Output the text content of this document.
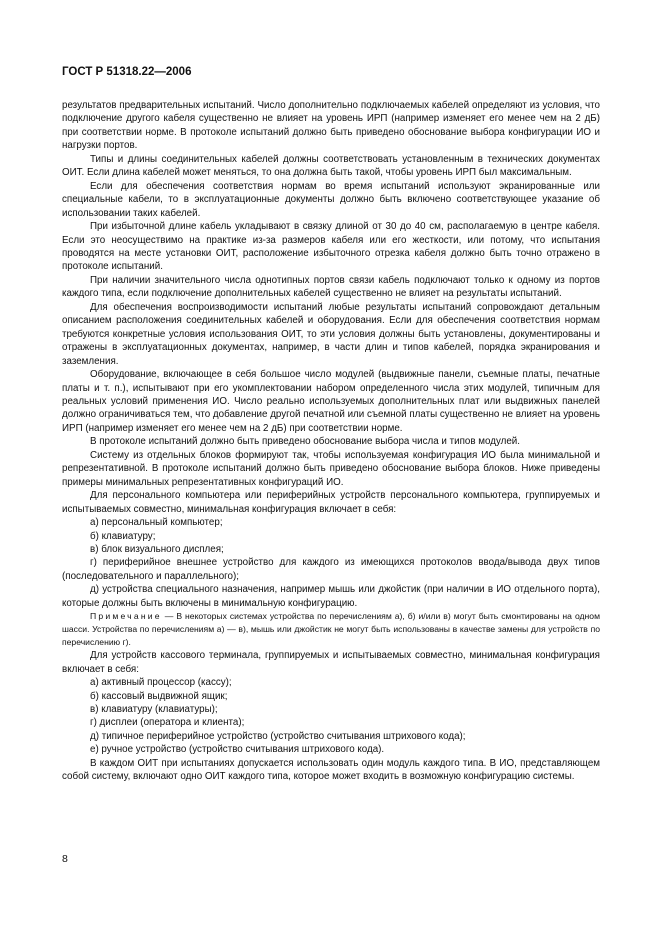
ГОСТ Р 51318.22—2006

результатов предварительных испытаний. Число дополнительно подключаемых кабелей определяют из условия, что подключение другого кабеля существенно не влияет на уровень ИРП (например изменяет его менее чем на 2 дБ) при соответствии норме. В протоколе испытаний должно быть приведено обоснование выбора конфигурации ИО и нагрузки портов.

Типы и длины соединительных кабелей должны соответствовать установленным в технических документах ОИТ. Если длина кабелей может меняться, то она должна быть такой, чтобы уровень ИРП был максимальным.

Если для обеспечения соответствия нормам во время испытаний используют экранированные или специальные кабели, то в эксплуатационные документы должно быть включено соответствующее указание об использовании таких кабелей.

При избыточной длине кабель укладывают в связку длиной от 30 до 40 см, располагаемую в центре кабеля. Если это неосуществимо на практике из-за размеров кабеля или его жесткости, или потому, что испытания проводятся на месте установки ОИТ, расположение избыточного отрезка кабеля должно быть точно отражено в протоколе испытаний.

При наличии значительного числа однотипных портов связи кабель подключают только к одному из портов каждого типа, если подключение дополнительных кабелей существенно не влияет на результаты испытаний.

Для обеспечения воспроизводимости испытаний любые результаты испытаний сопровождают детальным описанием расположения соединительных кабелей и оборудования. Если для обеспечения соответствия нормам требуются конкретные условия использования ОИТ, то эти условия должны быть установлены, документированы и отражены в эксплуатационных документах, например, в части длин и типов кабелей, порядка экранирования и заземления.

Оборудование, включающее в себя большое число модулей (выдвижные панели, съемные платы, печатные платы и т. п.), испытывают при его укомплектовании набором определенного числа этих модулей, типичным для реальных условий применения ИО. Число реально используемых дополнительных плат или выдвижных панелей должно ограничиваться тем, что добавление другой печатной или съемной платы существенно не влияет на уровень ИРП (например изменяет его менее чем на 2 дБ) при соответствии норме.

В протоколе испытаний должно быть приведено обоснование выбора числа и типов модулей.

Систему из отдельных блоков формируют так, чтобы используемая конфигурация ИО была минимальной и репрезентативной. В протоколе испытаний должно быть приведено обоснование выбора блоков. Ниже приведены примеры минимальных репрезентативных конфигураций ИО.

Для персонального компьютера или периферийных устройств персонального компьютера, группируемых и испытываемых совместно, минимальная конфигурация включает в себя:

а) персональный компьютер;

б) клавиатуру;

в) блок визуального дисплея;

г) периферийное внешнее устройство для каждого из имеющихся протоколов ввода/вывода двух типов (последовательного и параллельного);

д) устройства специального назначения, например мышь или джойстик (при наличии в ИО отдельного порта), которые должны быть включены в минимальную конфигурацию.

Примечание — В некоторых системах устройства по перечислениям а), б) и/или в) могут быть смонтированы на одном шасси. Устройства по перечислениям а) — в), мышь или джойстик не могут быть использованы в качестве замены для устройств по перечислению г).

Для устройств кассового терминала, группируемых и испытываемых совместно, минимальная конфигурация включает в себя:

а) активный процессор (кассу);

б) кассовый выдвижной ящик;

в) клавиатуру (клавиатуры);

г) дисплеи (оператора и клиента);

д) типичное периферийное устройство (устройство считывания штрихового кода);

е) ручное устройство (устройство считывания штрихового кода).

В каждом ОИТ при испытаниях допускается использовать один модуль каждого типа. В ИО, представляющем собой систему, включают одно ОИТ каждого типа, которое может входить в возможную конфигурацию системы.

8
